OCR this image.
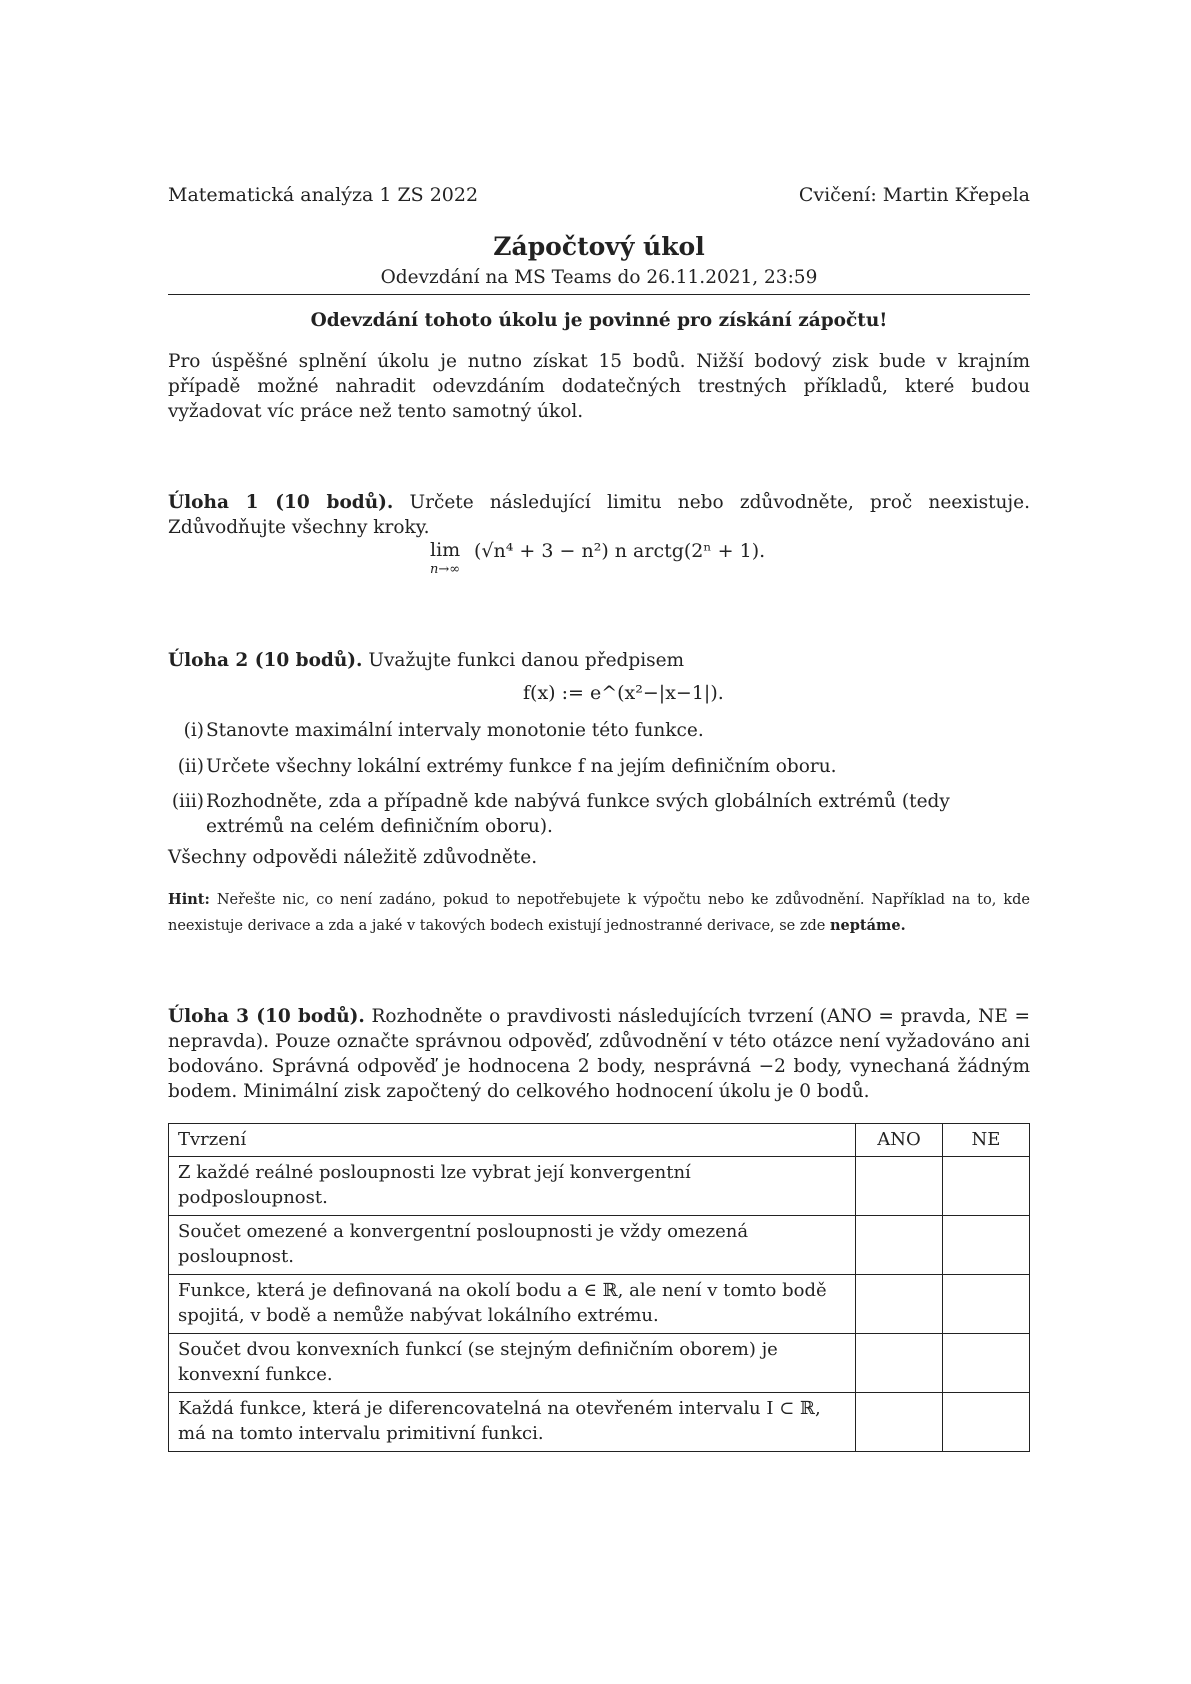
Matematická analýza 1 ZS 2022	Cvičení: Martin Křepela
Zápočtový úkol
Odevzdání na MS Teams do 26.11.2021, 23:59
Odevzdání tohoto úkolu je povinné pro získání zápočtu!
Pro úspěšné splnění úkolu je nutno získat 15 bodů. Nižší bodový zisk bude v krajním případě možné nahradit odevzdáním dodatečných trestných příkladů, které budou vyžadovat víc práce než tento samotný úkol.
Úloha 1 (10 bodů). Určete následující limitu nebo zdůvodněte, proč neexistuje. Zdůvodňujte všechny kroky.
lim
n→∞
(√n⁴ + 3 − n²) n arctg(2ⁿ + 1).
Úloha 2 (10 bodů). Uvažujte funkci danou předpisem
f(x) := e^(x²−|x−1|).
(i) Stanovte maximální intervaly monotonie této funkce.
(ii) Určete všechny lokální extrémy funkce f na jejím definičním oboru.
(iii) Rozhodněte, zda a případně kde nabývá funkce svých globálních extrémů (tedy extrémů na celém definičním oboru).
Všechny odpovědi náležitě zdůvodněte.
Hint: Neřešte nic, co není zadáno, pokud to nepotřebujete k výpočtu nebo ke zdůvodnění. Například na to, kde neexistuje derivace a zda a jaké v takových bodech existují jednostranné derivace, se zde neptáme.
Úloha 3 (10 bodů). Rozhodněte o pravdivosti následujících tvrzení (ANO = pravda, NE = nepravda). Pouze označte správnou odpověď, zdůvodnění v této otázce není vyžadováno ani bodováno. Správná odpověď je hodnocena 2 body, nesprávná −2 body, vynechaná žádným bodem. Minimální zisk započtený do celkového hodnocení úkolu je 0 bodů.
Tvrzení	ANO	NE
Z každé reálné posloupnosti lze vybrat její konvergentní podposloupnost.		
Součet omezené a konvergentní posloupnosti je vždy omezená posloupnost.		
Funkce, která je definovaná na okolí bodu a ∈ ℝ, ale není v tomto bodě spojitá, v bodě a nemůže nabývat lokálního extrému.		
Součet dvou konvexních funkcí (se stejným definičním oborem) je konvexní funkce.		
Každá funkce, která je diferencovatelná na otevřeném intervalu I ⊂ ℝ, má na tomto intervalu primitivní funkci.		
